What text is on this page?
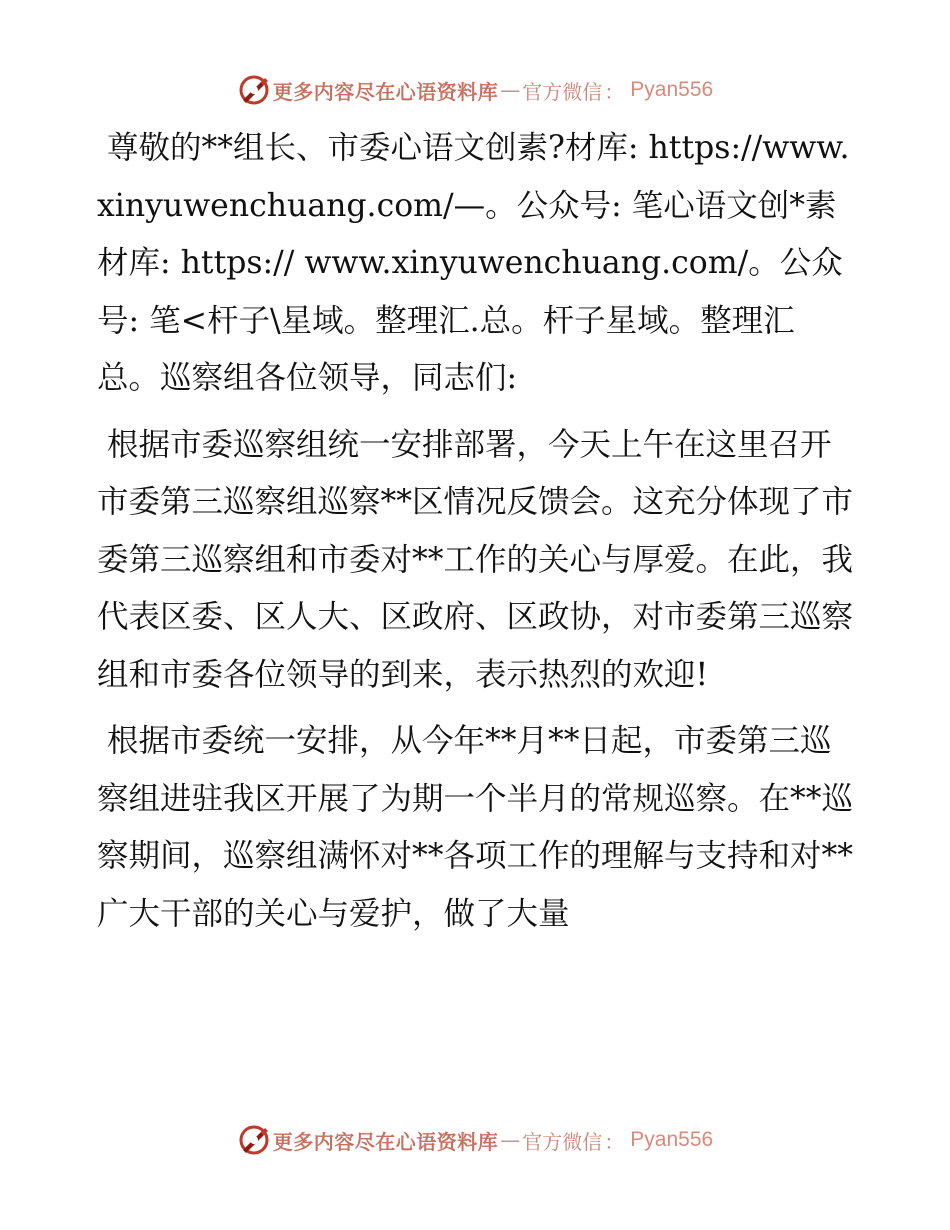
更多内容尽在心语资料库 — 官方微信 ： Pyan556

尊敬的**组长、市委心语文创素?材库: https://www.xinyuwenchuang.com/—。公众号: 笔心语文创*素材库: https:// www.xinyuwenchuang.com/。公众号: 笔<杆子\星域。整理汇.总。杆子星域。整理汇总。巡察组各位领导，同志们:

根据市委巡察组统一安排部署，今天上午在这里召开市委第三巡察组巡察**区情况反馈会。这充分体现了市委第三巡察组和市委对**工作的关心与厚爱。在此，我代表区委、区人大、区政府、区政协，对市委第三巡察组和市委各位领导的到来，表示热烈的欢迎!

根据市委统一安排，从今年**月**日起，市委第三巡察组进驻我区开展了为期一个半月的常规巡察。在**巡察期间，巡察组满怀对**各项工作的理解与支持和对**广大干部的关心与爱护，做了大量

更多内容尽在心语资料库 — 官方微信 ： Pyan556
